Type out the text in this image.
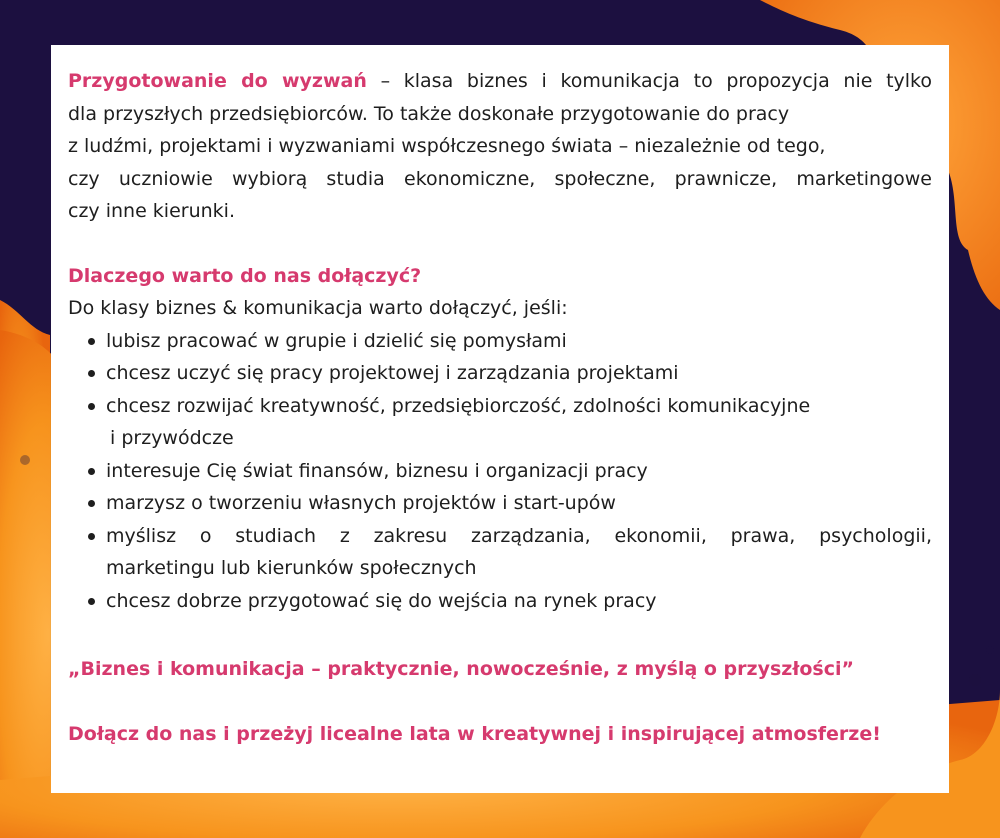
Przygotowanie do wyzwań – klasa biznes i komunikacja to propozycja nie tylko
dla przyszłych przedsiębiorców. To także doskonałe przygotowanie do pracy
z ludźmi, projektami i wyzwaniami współczesnego świata – niezależnie od tego,
czy uczniowie wybiorą studia ekonomiczne, społeczne, prawnicze, marketingowe
czy inne kierunki.

Dlaczego warto do nas dołączyć?

Do klasy biznes & komunikacja warto dołączyć, jeśli:

lubisz pracować w grupie i dzielić się pomysłami
chcesz uczyć się pracy projektowej i zarządzania projektami
chcesz rozwijać kreatywność, przedsiębiorczość, zdolności komunikacyjne
i przywódcze
interesuje Cię świat finansów, biznesu i organizacji pracy
marzysz o tworzeniu własnych projektów i start-upów
myślisz o studiach z zakresu zarządzania, ekonomii, prawa, psychologii,
marketingu lub kierunków społecznych
chcesz dobrze przygotować się do wejścia na rynek pracy

„Biznes i komunikacja – praktycznie, nowocześnie, z myślą o przyszłości”

Dołącz do nas i przeżyj licealne lata w kreatywnej i inspirującej atmosferze!
